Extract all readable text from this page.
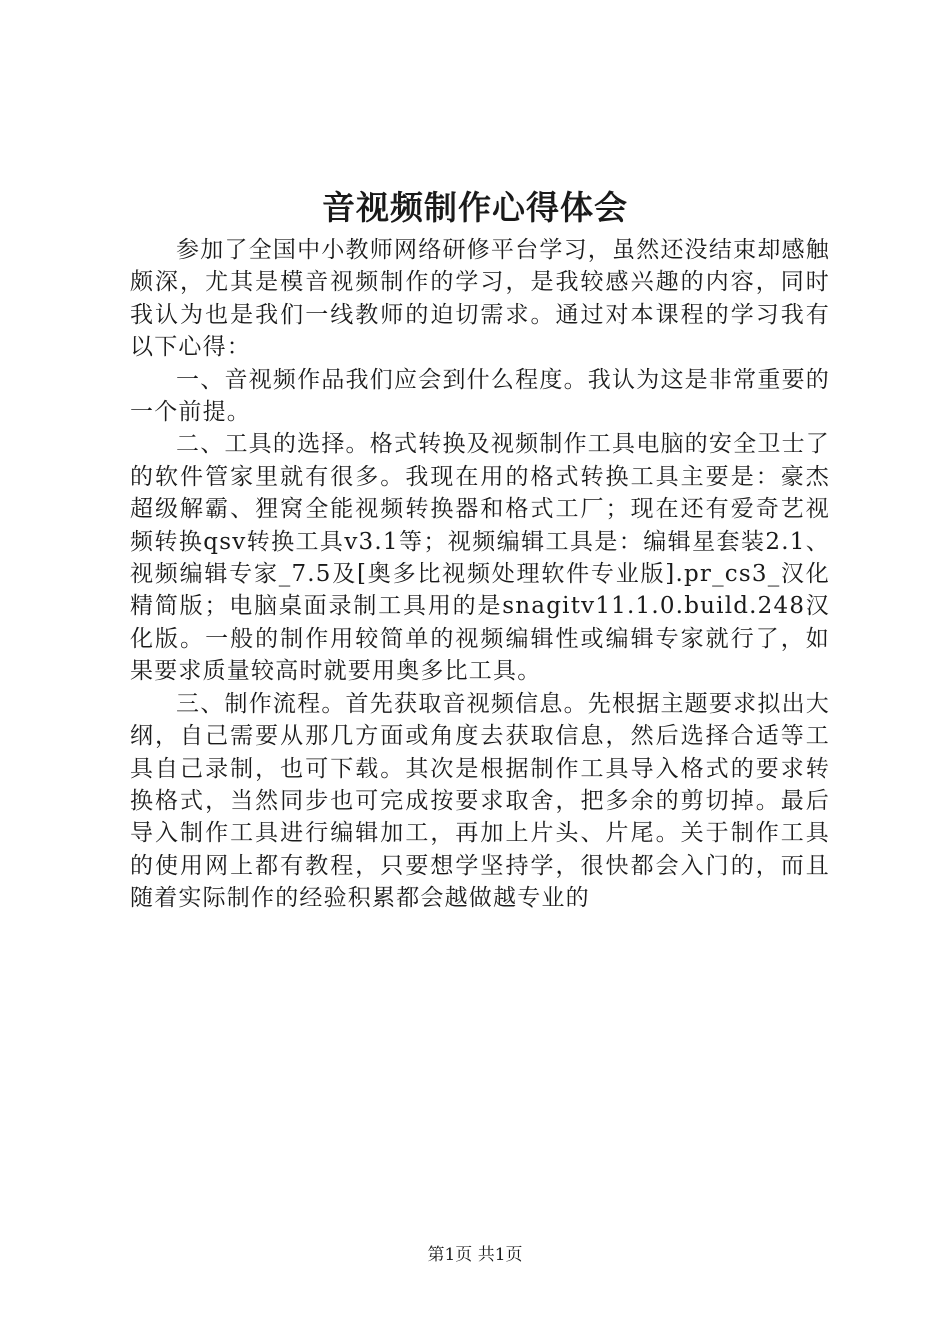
音视频制作心得体会

参加了全国中小教师网络研修平台学习，虽然还没结束却感触颇深，尤其是模音视频制作的学习，是我较感兴趣的内容，同时我认为也是我们一线教师的迫切需求。通过对本课程的学习我有以下心得：

一、音视频作品我们应会到什么程度。我认为这是非常重要的一个前提。

二、工具的选择。格式转换及视频制作工具电脑的安全卫士了的软件管家里就有很多。我现在用的格式转换工具主要是：豪杰超级解霸、狸窝全能视频转换器和格式工厂；现在还有爱奇艺视频转换qsv转换工具v3.1等；视频编辑工具是：编辑星套装2.1、视频编辑专家_7.5及[奥多比视频处理软件专业版].pr_cs3_汉化精简版；电脑桌面录制工具用的是snagitv11.1.0.build.248汉化版。一般的制作用较简单的视频编辑性或编辑专家就行了，如果要求质量较高时就要用奥多比工具。

三、制作流程。首先获取音视频信息。先根据主题要求拟出大纲，自己需要从那几方面或角度去获取信息，然后选择合适等工具自己录制，也可下载。其次是根据制作工具导入格式的要求转换格式，当然同步也可完成按要求取舍，把多余的剪切掉。最后导入制作工具进行编辑加工，再加上片头、片尾。关于制作工具的使用网上都有教程，只要想学坚持学，很快都会入门的，而且随着实际制作的经验积累都会越做越专业的

第1页 共1页
